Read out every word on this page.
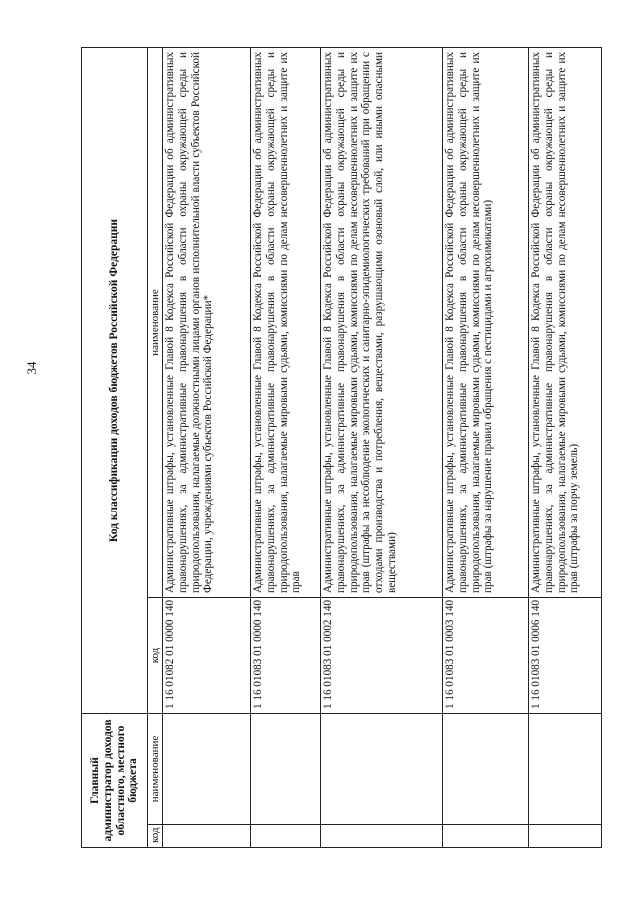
34
Главный администратор доходов областного, местного бюджета		Код классификации доходов бюджетов Российской Федерации	
код	наименование	код	наименование
		1 16 01082 01 0000 140	Административные штрафы, установленные Главой 8 Кодекса Российской Федерации об административных правонарушениях, за административные правонарушения в области охраны окружающей среды и природопользования, налагаемые должностными лицами органов исполнительной власти субъектов Российской Федерации, учреждениями субъектов Российской Федерации*
		1 16 01083 01 0000 140	Административные штрафы, установленные Главой 8 Кодекса Российской Федерации об административных правонарушениях, за административные правонарушения в области охраны окружающей среды и природопользования, налагаемые мировыми судьями, комиссиями по делам несовершеннолетних и защите их прав
		1 16 01083 01 0002 140	Административные штрафы, установленные Главой 8 Кодекса Российской Федерации об административных правонарушениях, за административные правонарушения в области охраны окружающей среды и природопользования, налагаемые мировыми судьями, комиссиями по делам несовершеннолетних и защите их прав (штрафы за несоблюдение экологических и санитарно-эпидемиологических требований при обращении с отходами производства и потребления, веществами, разрушающими озоновый слой, или иными опасными веществами)
		1 16 01083 01 0003 140	Административные штрафы, установленные Главой 8 Кодекса Российской Федерации об административных правонарушениях, за административные правонарушения в области охраны окружающей среды и природопользования, налагаемые мировыми судьями, комиссиями по делам несовершеннолетних и защите их прав (штрафы за нарушение правил обращения с пестицидами и агрохимикатами)
		1 16 01083 01 0006 140	Административные штрафы, установленные Главой 8 Кодекса Российской Федерации об административных правонарушениях, за административные правонарушения в области охраны окружающей среды и природопользования, налагаемые мировыми судьями, комиссиями по делам несовершеннолетних и защите их прав (штрафы за порчу земель)
